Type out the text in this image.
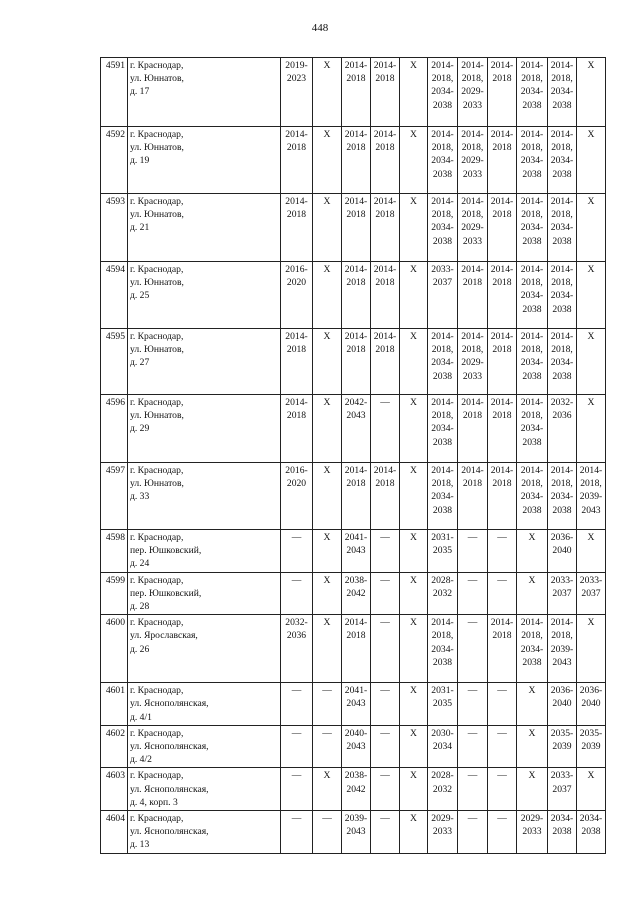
448
4591	г. Краснодар,
ул. Юннатов,
д. 17	2019-
2023	X	2014-
2018	2014-
2018	X	2014-
2018,
2034-
2038	2014-
2018,
2029-
2033	2014-
2018	2014-
2018,
2034-
2038	2014-
2018,
2034-
2038	X
4592	г. Краснодар,
ул. Юннатов,
д. 19	2014-
2018	X	2014-
2018	2014-
2018	X	2014-
2018,
2034-
2038	2014-
2018,
2029-
2033	2014-
2018	2014-
2018,
2034-
2038	2014-
2018,
2034-
2038	X
4593	г. Краснодар,
ул. Юннатов,
д. 21	2014-
2018	X	2014-
2018	2014-
2018	X	2014-
2018,
2034-
2038	2014-
2018,
2029-
2033	2014-
2018	2014-
2018,
2034-
2038	2014-
2018,
2034-
2038	X
4594	г. Краснодар,
ул. Юннатов,
д. 25	2016-
2020	X	2014-
2018	2014-
2018	X	2033-
2037	2014-
2018	2014-
2018	2014-
2018,
2034-
2038	2014-
2018,
2034-
2038	X
4595	г. Краснодар,
ул. Юннатов,
д. 27	2014-
2018	X	2014-
2018	2014-
2018	X	2014-
2018,
2034-
2038	2014-
2018,
2029-
2033	2014-
2018	2014-
2018,
2034-
2038	2014-
2018,
2034-
2038	X
4596	г. Краснодар,
ул. Юннатов,
д. 29	2014-
2018	X	2042-
2043	—	X	2014-
2018,
2034-
2038	2014-
2018	2014-
2018	2014-
2018,
2034-
2038	2032-
2036	X
4597	г. Краснодар,
ул. Юннатов,
д. 33	2016-
2020	X	2014-
2018	2014-
2018	X	2014-
2018,
2034-
2038	2014-
2018	2014-
2018	2014-
2018,
2034-
2038	2014-
2018,
2034-
2038	2014-
2018,
2039-
2043
4598	г. Краснодар,
пер. Юшковский,
д. 24	—	X	2041-
2043	—	X	2031-
2035	—	—	X	2036-
2040	X
4599	г. Краснодар,
пер. Юшковский,
д. 28	—	X	2038-
2042	—	X	2028-
2032	—	—	X	2033-
2037	2033-
2037
4600	г. Краснодар,
ул. Ярославская,
д. 26	2032-
2036	X	2014-
2018	—	X	2014-
2018,
2034-
2038	—	2014-
2018	2014-
2018,
2034-
2038	2014-
2018,
2039-
2043	X
4601	г. Краснодар,
ул. Яснополянская,
д. 4/1	—	—	2041-
2043	—	X	2031-
2035	—	—	X	2036-
2040	2036-
2040
4602	г. Краснодар,
ул. Яснополянская,
д. 4/2	—	—	2040-
2043	—	X	2030-
2034	—	—	X	2035-
2039	2035-
2039
4603	г. Краснодар,
ул. Яснополянская,
д. 4, корп. 3	—	X	2038-
2042	—	X	2028-
2032	—	—	X	2033-
2037	X
4604	г. Краснодар,
ул. Яснополянская,
д. 13	—	—	2039-
2043	—	X	2029-
2033	—	—	2029-
2033	2034-
2038	2034-
2038
